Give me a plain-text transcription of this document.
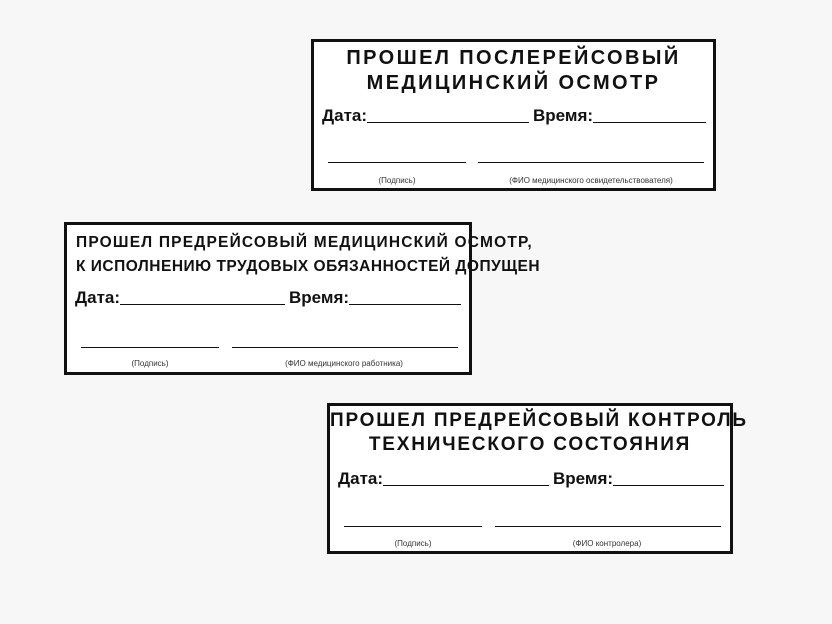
ПРОШЕЛ ПОСЛЕРЕЙСОВЫЙ
МЕДИЦИНСКИЙ ОСМОТР
Дата:	Время:
(Подпись)	(ФИО медицинского освидетельствователя)
ПРОШЕЛ ПРЕДРЕЙСОВЫЙ МЕДИЦИНСКИЙ ОСМОТР,
К ИСПОЛНЕНИЮ ТРУДОВЫХ ОБЯЗАННОСТЕЙ ДОПУЩЕН
Дата:	Время:
(Подпись)	(ФИО медицинского работника)
ПРОШЕЛ ПРЕДРЕЙСОВЫЙ КОНТРОЛЬ
ТЕХНИЧЕСКОГО СОСТОЯНИЯ
Дата:	Время:
(Подпись)	(ФИО контролера)
